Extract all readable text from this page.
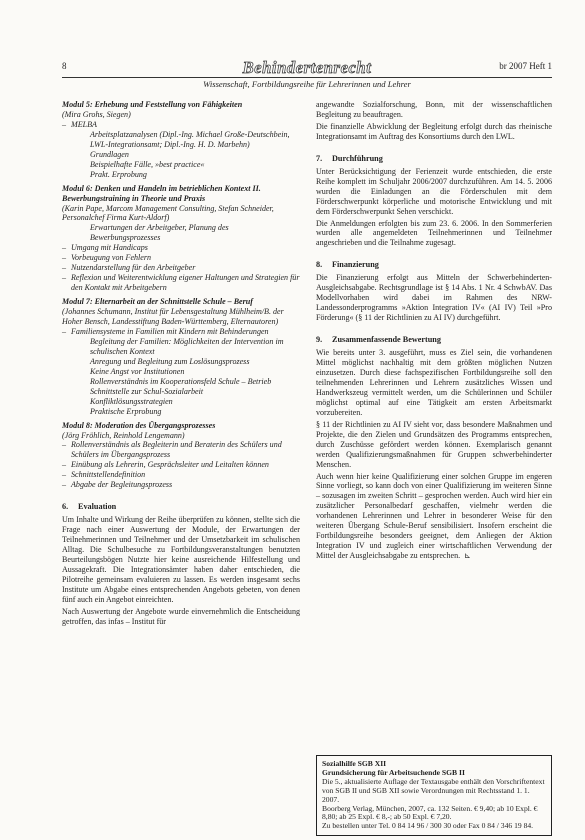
8	Behindertenrecht	br 2007 Heft 1
Wissenschaft, Fortbildungsreihe für Lehrerinnen und Lehrer
Modul 5: Erhebung und Feststellung von Fähigkeiten
(Mira Grohs, Siegen)
– MELBA
Arbeitsplatzanalysen (Dipl.-Ing. Michael Große-Deutschbein, LWL-Integrationsamt; Dipl.-Ing. H. D. Marbehn)
Grundlagen
Beispielhafte Fälle, »best practice«
Prakt. Erprobung
Modul 6: Denken und Handeln im betrieblichen Kontext II. Bewerbungstraining in Theorie und Praxis
(Karin Pape, Marcom Management Consulting, Stefan Schneider, Personalchef Firma Kurt-Aldorf)
Erwartungen der Arbeitgeber, Planung des Bewerbungsprozesses
– Umgang mit Handicaps
– Vorbeugung von Fehlern
– Nutzendarstellung für den Arbeitgeber
– Reflexion und Weiterentwicklung eigener Haltungen und Strategien für den Kontakt mit Arbeitgebern
Modul 7: Elternarbeit an der Schnittstelle Schule – Beruf
(Johannes Schumann, Institut für Lebensgestaltung Mühlheim/B. der Hoher Bensch, Landesstiftung Baden-Württemberg, Elternautoren)
– Familiensysteme in Familien mit Kindern mit Behinderungen
Begleitung der Familien: Möglichkeiten der Intervention im schulischen Kontext
Anregung und Begleitung zum Loslösungsprozess
Keine Angst vor Institutionen
Rollenverständnis im Kooperationsfeld Schule – Betrieb
Schnittstelle zur Schul-Sozialarbeit
Konfliktlösungsstrategien
Praktische Erprobung
Modul 8: Moderation des Übergangsprozesses
(Jörg Fröhlich, Reinhold Lengemann)
– Rollenverständnis als Begleiterin und Beraterin des Schülers und Schülers im Übergangsprozess
– Einübung als Lehrerin, Gesprächsleiter und Leitalten können
– Schnittstellendefinition
– Abgabe der Begleitungsprozess
6. Evaluation

Um Inhalte und Wirkung der Reihe überprüfen zu können, stellte sich die Frage nach einer Auswertung der Module, der Erwartungen der Teilnehmerinnen und Teilnehmer und der Umsetzbarkeit im schulischen Alltag. Die Schulbesuche zu Fortbildungsveranstaltungen benutzten Beurteilungsbögen Nutzte hier keine ausreichende Hilfestellung und Aussagekraft. Die Integrationsämter haben daher entschieden, die Pilotreihe gemeinsam evaluieren zu lassen. Es werden insgesamt sechs Institute um Abgabe eines entsprechenden Angebots gebeten, von denen fünf auch ein Angebot einreichten.

Nach Auswertung der Angebote wurde einvernehmlich die Entscheidung getroffen, das infas – Institut für

angewandte Sozialforschung, Bonn, mit der wissenschaftlichen Begleitung zu beauftragen.

Die finanzielle Abwicklung der Begleitung erfolgt durch das rheinische Integrationsamt im Auftrag des Konsortiums durch den LWL.

7. Durchführung

Unter Berücksichtigung der Ferienzeit wurde entschieden, die erste Reihe komplett im Schuljahr 2006/2007 durchzuführen. Am 14. 5. 2006 wurden die Einladungen an die Förderschulen mit dem Förderschwerpunkt körperliche und motorische Entwicklung und mit dem Förderschwerpunkt Sehen verschickt.

Die Anmeldungen erfolgten bis zum 23. 6. 2006. In den Sommerferien wurden alle angemeldeten Teilnehmerinnen und Teilnehmer angeschrieben und die Teilnahme zugesagt.

8. Finanzierung

Die Finanzierung erfolgt aus Mitteln der Schwerbehinderten-Ausgleichsabgabe. Rechtsgrundlage ist § 14 Abs. 1 Nr. 4 SchwbAV. Das Modellvorhaben wird dabei im Rahmen des NRW-Landessonderprogramms »Aktion Integration IV« (AI IV) Teil »Pro Förderung« (§ 11 der Richtlinien zu AI IV) durchgeführt.

9. Zusammenfassende Bewertung

Wie bereits unter 3. ausgeführt, muss es Ziel sein, die vorhandenen Mittel möglichst nachhaltig mit dem größten möglichen Nutzen einzusetzen. Durch diese fachspezifischen Fortbildungsreihe soll den teilnehmenden Lehrerinnen und Lehrern zusätzliches Wissen und Handwerkszeug vermittelt werden, um die Schülerinnen und Schüler möglichst optimal auf eine Tätigkeit am ersten Arbeitsmarkt vorzubereiten.

§ 11 der Richtlinien zu AI IV sieht vor, dass besondere Maßnahmen und Projekte, die den Zielen und Grundsätzen des Programms entsprechen, durch Zuschüsse gefördert werden können. Exemplarisch genannt werden Qualifizierungsmaßnahmen für Gruppen schwerbehinderter Menschen.

Auch wenn hier keine Qualifizierung einer solchen Gruppe im engeren Sinne vorliegt, so kann doch von einer Qualifizierung im weiteren Sinne – sozusagen im zweiten Schritt – gesprochen werden. Auch wird hier ein zusätzlicher Personalbedarf geschaffen, vielmehr werden die vorhandenen Lehrerinnen und Lehrer in besonderer Weise für den weiteren Übergang Schule-Beruf sensibilisiert. Insofern erscheint die Fortbildungsreihe besonders geeignet, dem Anliegen der Aktion Integration IV und zugleich einer wirtschaftlichen Verwendung der Mittel der Ausgleichsabgabe zu entsprechen. ⊾

Sozialhilfe SGB XII
Grundsicherung für Arbeitsuchende SGB II
Die 5., aktualisierte Auflage der Textausgabe enthält den Vorschriftentext von SGB II und SGB XII sowie Verordnungen mit Rechtsstand 1. 1. 2007.
Boorberg Verlag, München, 2007, ca. 132 Seiten. € 9,40; ab 10 Expl. € 8,80; ab 25 Expl. € 8,-; ab 50 Expl. € 7,20.
Zu bestellen unter Tel. 0 84 14 96 / 300 30 oder Fax 0 84 / 346 19 84.
